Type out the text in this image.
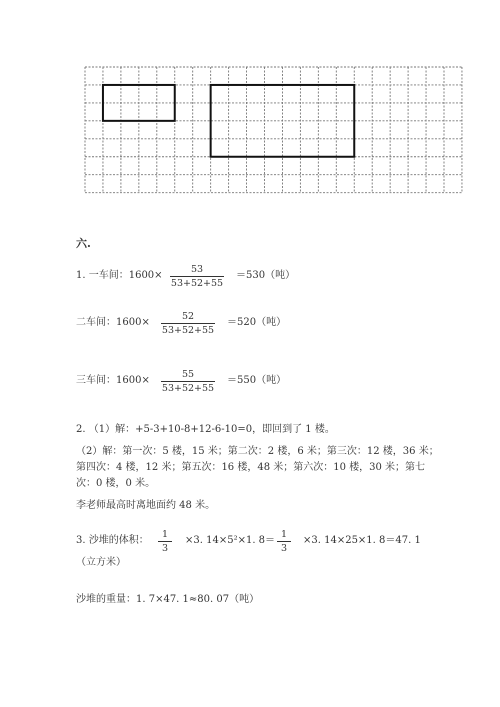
六.
1. 一车间：1600×
53
53+52+55
＝530（吨）
二车间：1600×
52
53+52+55
＝520（吨）
三车间：1600×
55
53+52+55
＝550（吨）
2. （1）解：+5-3+10-8+12-6-10=0，即回到了 1 楼。
（2）解：第一次：5 楼，15 米；第二次：2 楼，6 米；第三次：12 楼，36 米；
第四次：4 楼，12 米；第五次：16 楼，48 米；第六次：10 楼，30 米；第七
次：0 楼，0 米。
李老师最高时离地面约 48 米。
3. 沙堆的体积：
1
3
×3. 14×5²×1. 8＝
1
3
×3. 14×25×1. 8＝47. 1
（立方米）
沙堆的重量：1. 7×47. 1≈80. 07（吨）
